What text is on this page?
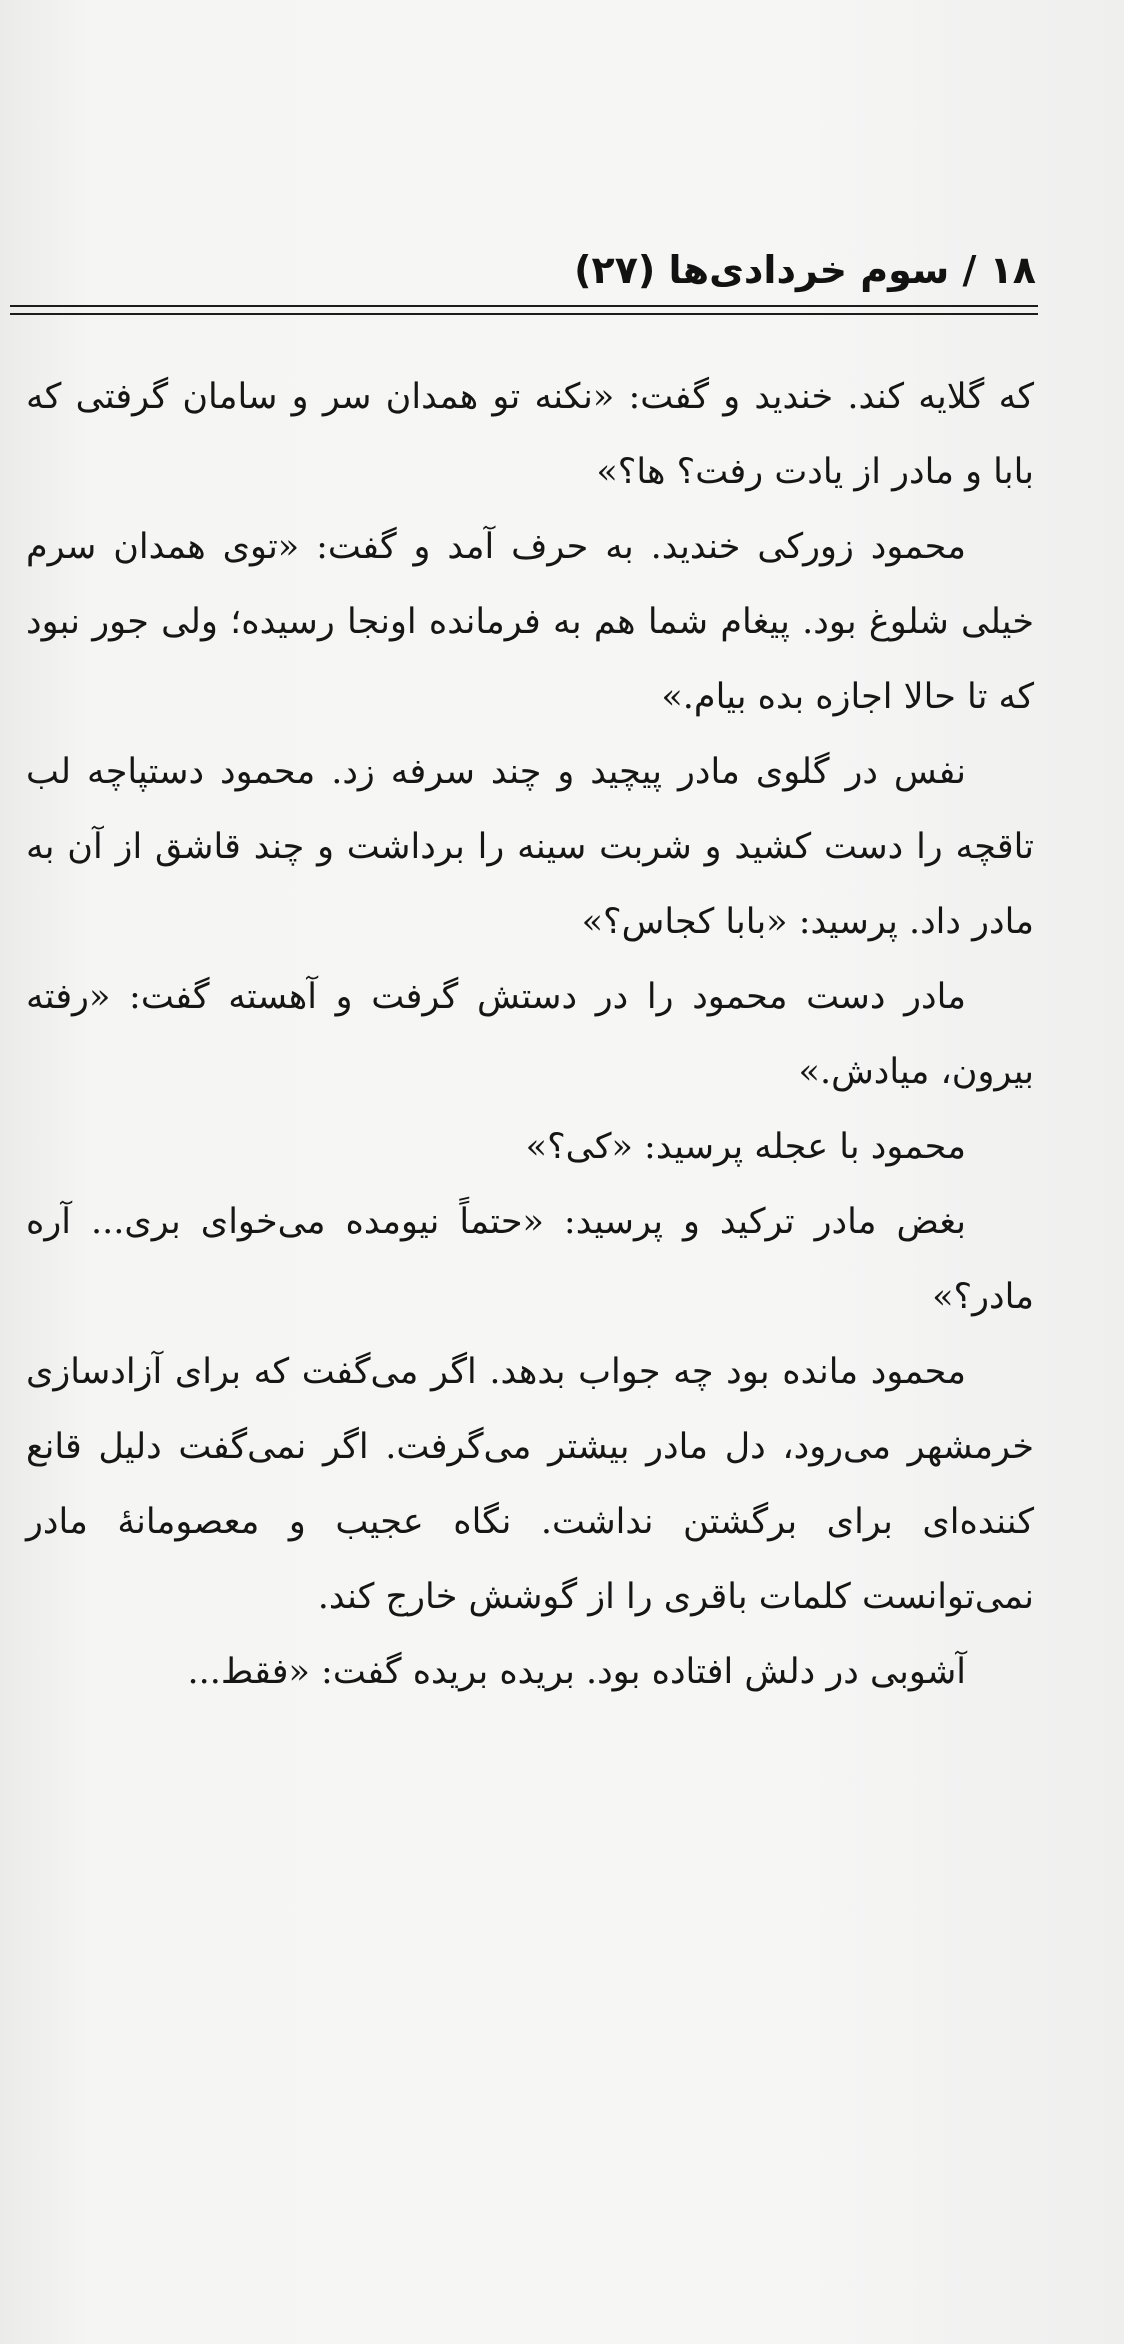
۱۸ / سوم خردادی‌ها (۲۷)

که گلایه کند. خندید و گفت: «نکنه تو همدان سر و سامان گرفتی که بابا و مادر از یادت رفت؟ ها؟»

محمود زورکی خندید. به حرف آمد و گفت: «توی همدان سرم خیلی شلوغ بود. پیغام شما هم به فرمانده اونجا رسیده؛ ولی جور نبود که تا حالا اجازه بده بیام.»

نفس در گلوی مادر پیچید و چند سرفه زد. محمود دستپاچه لب تاقچه را دست کشید و شربت سینه را برداشت و چند قاشق از آن به مادر داد. پرسید: «بابا کجاس؟»

مادر دست محمود را در دستش گرفت و آهسته گفت: «رفته بیرون، میادش.»

محمود با عجله پرسید: «کی؟»

بغض مادر ترکید و پرسید: «حتماً نیومده می‌خوای بری... آره مادر؟»

محمود مانده بود چه جواب بدهد. اگر می‌گفت که برای آزادسازی خرمشهر می‌رود، دل مادر بیشتر می‌گرفت. اگر نمی‌گفت دلیل قانع کننده‌ای برای برگشتن نداشت. نگاه عجیب و معصومانهٔ مادر نمی‌توانست کلمات باقری را از گوشش خارج کند.

آشوبی در دلش افتاده بود. بریده بریده گفت: «فقط...
